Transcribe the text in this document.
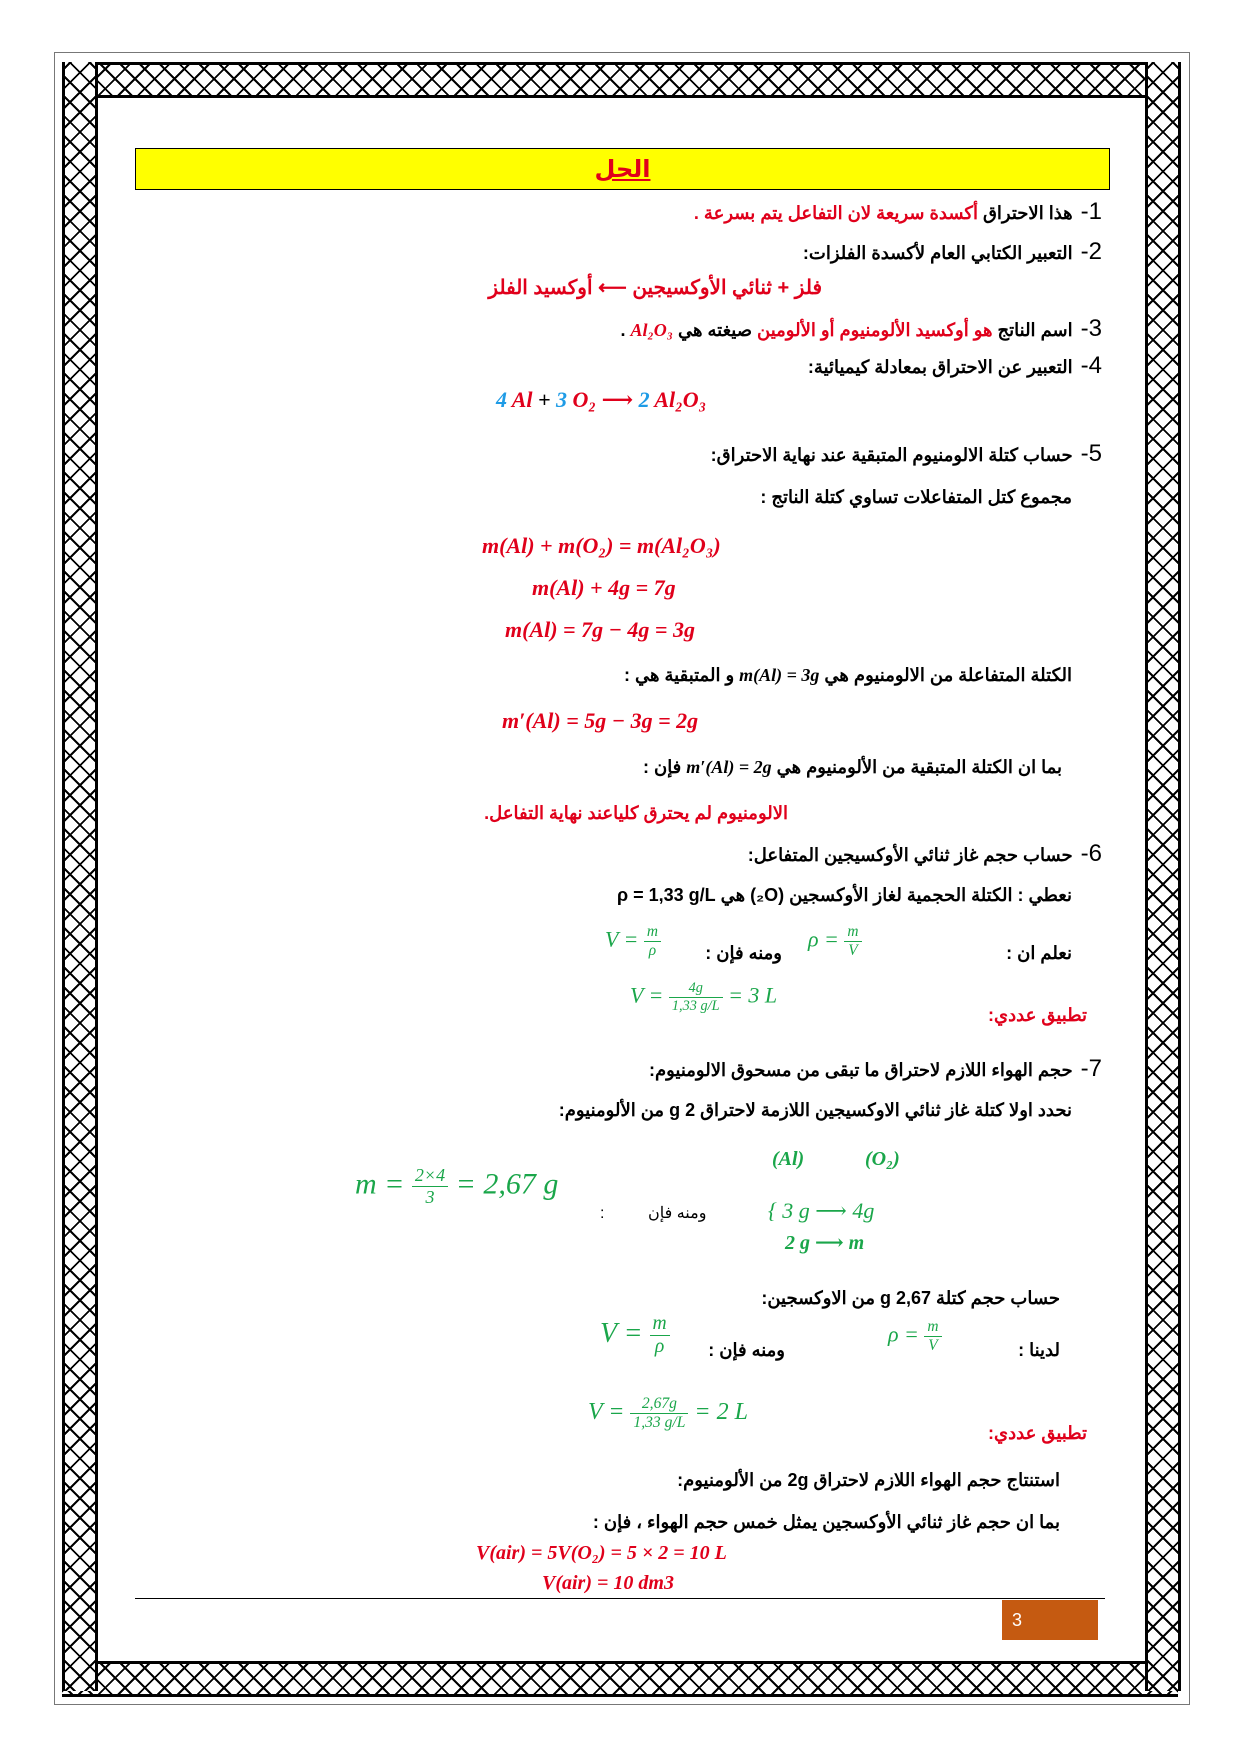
الحل
1-هذا الاحتراق أكسدة سريعة لان التفاعل يتم بسرعة .
2-التعبير الكتابي العام لأكسدة الفلزات:
فلز + ثنائي الأوكسيجين ⟵ أوكسيد الفلز
3-اسم الناتج هو أوكسيد الألومنيوم أو الألومين صيغته هي Al₂O₃ .
4-التعبير عن الاحتراق بمعادلة كيميائية:
4 Al + 3 O₂ ⟶ 2 Al₂O₃
5-حساب كتلة الالومنيوم المتبقية عند نهاية الاحتراق:
مجموع كتل المتفاعلات تساوي كتلة الناتج :
m(Al) + m(O₂) = m(Al₂O₃)
m(Al) + 4g = 7g
m(Al) = 7g − 4g = 3g
الكتلة المتفاعلة من الالومنيوم هي m(Al) = 3g و المتبقية هي :
m′(Al) = 5g − 3g = 2g
بما ان الكتلة المتبقية من الألومنيوم هي m′(Al) = 2g فإن :
الالومنيوم لم يحترق كلياعند نهاية التفاعل.
6-حساب حجم غاز ثنائي الأوكسيجين المتفاعل:
نعطي : الكتلة الحجمية لغاز الأوكسجين (₂O) هي ρ = 1,33 g/L
نعلم ان :
$\rho = \frac{m}{V}$
ومنه فإن :
$V = \frac{m}{\rho}$
تطبيق عددي:
$V = \frac{4g}{1,33 g/L} = 3$ L
7-حجم الهواء اللازم لاحتراق ما تبقى من مسحوق الالومنيوم:
نحدد اولا كتلة غاز ثنائي الاوكسيجين اللازمة لاحتراق g 2 من الألومنيوم:
(Al)	(O₂)
{ 3 g ⟶ 4g
2 g ⟶ m
ومنه فإن
:
$m = \frac{2\times 4}{3} = 2,67$ g
حساب حجم كتلة g 2,67 من الاوكسجين:
لدينا :
$\rho = \frac{m}{V}$
ومنه فإن :
$V = \frac{m}{\rho}$
تطبيق عددي:
$V = \frac{2,67g}{1,33 g/L} = 2$ L
استنتاج حجم الهواء اللازم لاحتراق 2g من الألومنيوم:
بما ان حجم غاز ثنائي الأوكسجين يمثل خمس حجم الهواء ، فإن :
V(air) = 5V(O₂) = 5 × 2 = 10 L
V(air) = 10 dm3
3
